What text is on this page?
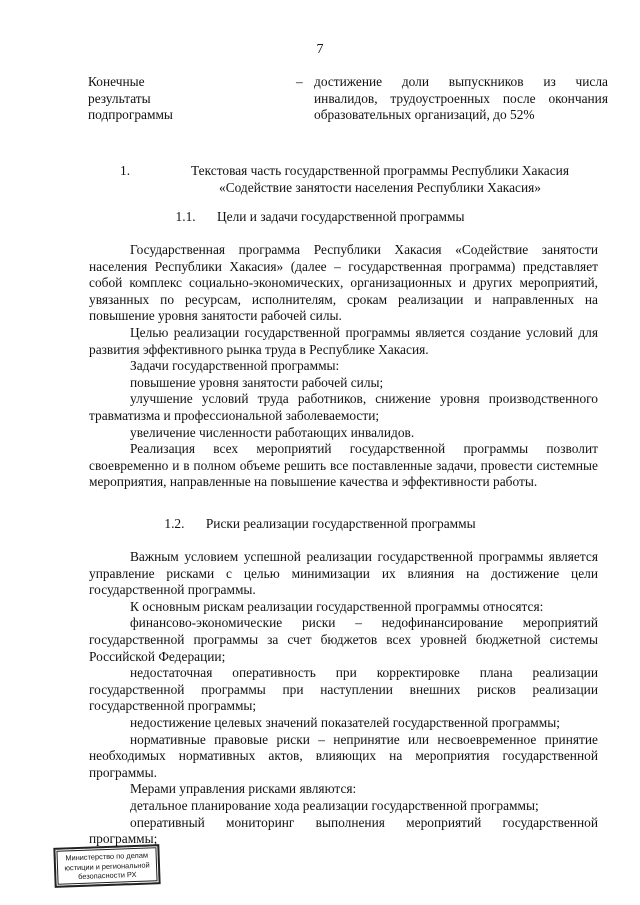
7
Конечные
результаты
подпрограммы
– достижение доли выпускников из числа инвалидов, трудоустроенных после окончания образовательных организаций, до 52%
1.	Текстовая часть государственной программы Республики Хакасия
«Содействие занятости населения Республики Хакасия»
1.1. Цели и задачи государственной программы

Государственная программа Республики Хакасия «Содействие занятости населения Республики Хакасия» (далее – государственная программа) представляет собой комплекс социально-экономических, организационных и других мероприятий, увязанных по ресурсам, исполнителям, срокам реализации и направленных на повышение уровня занятости рабочей силы.

Целью реализации государственной программы является создание условий для развития эффективного рынка труда в Республике Хакасия.

Задачи государственной программы:

повышение уровня занятости рабочей силы;

улучшение условий труда работников, снижение уровня производственного травматизма и профессиональной заболеваемости;

увеличение численности работающих инвалидов.

Реализация всех мероприятий государственной программы позволит своевременно и в полном объеме решить все поставленные задачи, провести системные мероприятия, направленные на повышение качества и эффективности работы.

1.2. Риски реализации государственной программы

Важным условием успешной реализации государственной программы является управление рисками с целью минимизации их влияния на достижение цели государственной программы.

К основным рискам реализации государственной программы относятся:

финансово-экономические риски – недофинансирование мероприятий государственной программы за счет бюджетов всех уровней бюджетной системы Российской Федерации;

недостаточная оперативность при корректировке плана реализации государственной программы при наступлении внешних рисков реализации государственной программы;

недостижение целевых значений показателей государственной программы;

нормативные правовые риски – непринятие или несвоевременное принятие необходимых нормативных актов, влияющих на мероприятия государственной программы.

Мерами управления рисками являются:

детальное планирование хода реализации государственной программы;

оперативный мониторинг выполнения мероприятий государственной программы;

Министерство по делам
юстиции и региональной
безопасности РХ
